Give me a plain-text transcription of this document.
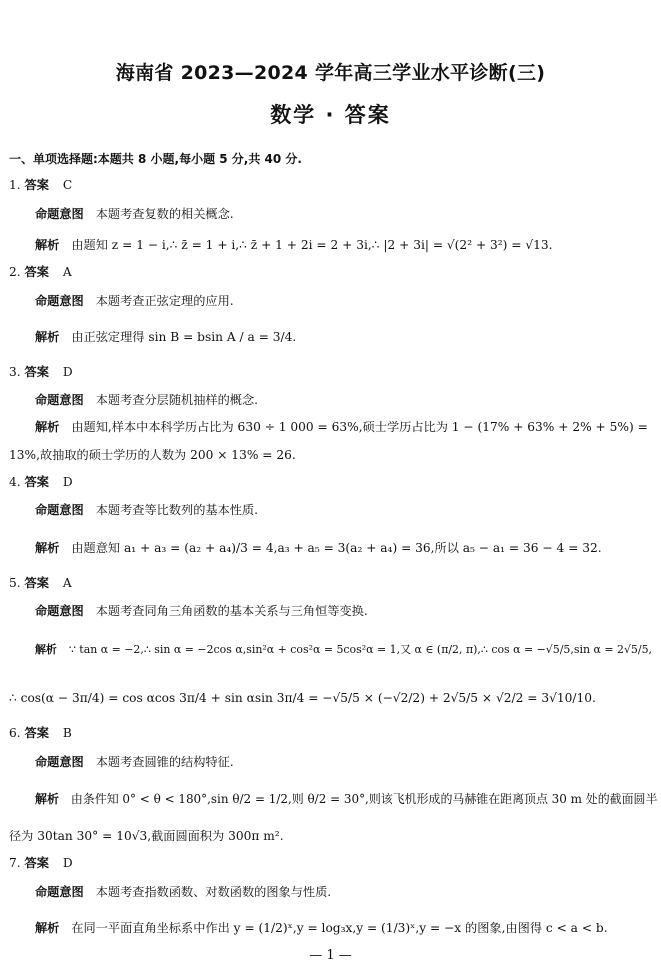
海南省 2023—2024 学年高三学业水平诊断(三)
数学 · 答案
一、单项选择题:本题共 8 小题,每小题 5 分,共 40 分.
1. 答案 C
命题意图 本题考查复数的相关概念.
解析 由题知 z = 1 − i,∴ z̄ = 1 + i,∴ z̄ + 1 + 2i = 2 + 3i,∴ |2 + 3i| = √(2² + 3²) = √13.
2. 答案 A
命题意图 本题考查正弦定理的应用.
解析 由正弦定理得 sin B = bsin A / a = 3/4.
3. 答案 D
命题意图 本题考查分层随机抽样的概念.
解析 由题知,样本中本科学历占比为 630 ÷ 1 000 = 63%,硕士学历占比为 1 − (17% + 63% + 2% + 5%) =
13%,故抽取的硕士学历的人数为 200 × 13% = 26.
4. 答案 D
命题意图 本题考查等比数列的基本性质.
解析 由题意知 a₁ + a₃ = (a₂ + a₄)/3 = 4,a₃ + a₅ = 3(a₂ + a₄) = 36,所以 a₅ − a₁ = 36 − 4 = 32.
5. 答案 A
命题意图 本题考查同角三角函数的基本关系与三角恒等变换.
解析 ∵ tan α = −2,∴ sin α = −2cos α,sin²α + cos²α = 5cos²α = 1,又 α ∈ (π/2, π),∴ cos α = −√5/5,sin α = 2√5/5,
∴ cos(α − 3π/4) = cos αcos 3π/4 + sin αsin 3π/4 = −√5/5 × (−√2/2) + 2√5/5 × √2/2 = 3√10/10.
6. 答案 B
命题意图 本题考查圆锥的结构特征.
解析 由条件知 0° < θ < 180°,sin θ/2 = 1/2,则 θ/2 = 30°,则该飞机形成的马赫锥在距离顶点 30 m 处的截面圆半
径为 30tan 30° = 10√3,截面圆面积为 300π m².
7. 答案 D
命题意图 本题考查指数函数、对数函数的图象与性质.
解析 在同一平面直角坐标系中作出 y = (1/2)ˣ,y = log₃x,y = (1/3)ˣ,y = −x 的图象,由图得 c < a < b.
— 1 —
